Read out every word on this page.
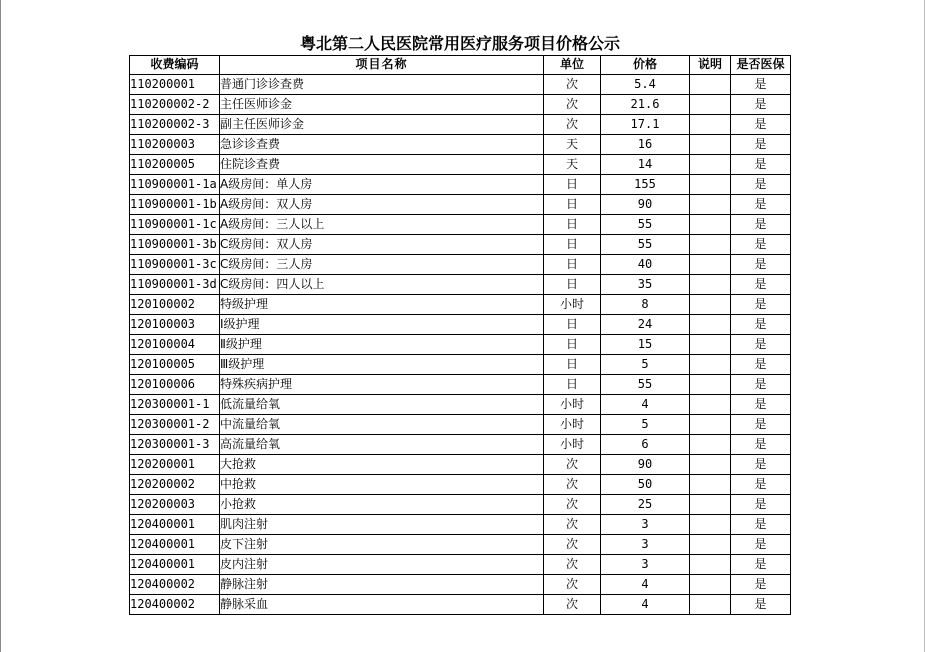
粤北第二人民医院常用医疗服务项目价格公示
收费编码	项目名称	单位	价格	说明	是否医保
110200001	普通门诊诊查费	次	5.4		是
110200002-2	主任医师诊金	次	21.6		是
110200002-3	副主任医师诊金	次	17.1		是
110200003	急诊诊查费	天	16		是
110200005	住院诊查费	天	14		是
110900001-1a	A级房间：单人房	日	155		是
110900001-1b	A级房间：双人房	日	90		是
110900001-1c	A级房间：三人以上	日	55		是
110900001-3b	C级房间：双人房	日	55		是
110900001-3c	C级房间：三人房	日	40		是
110900001-3d	C级房间：四人以上	日	35		是
120100002	特级护理	小时	8		是
120100003	Ⅰ级护理	日	24		是
120100004	Ⅱ级护理	日	15		是
120100005	Ⅲ级护理	日	5		是
120100006	特殊疾病护理	日	55		是
120300001-1	低流量给氧	小时	4		是
120300001-2	中流量给氧	小时	5		是
120300001-3	高流量给氧	小时	6		是
120200001	大抢救	次	90		是
120200002	中抢救	次	50		是
120200003	小抢救	次	25		是
120400001	肌肉注射	次	3		是
120400001	皮下注射	次	3		是
120400001	皮内注射	次	3		是
120400002	静脉注射	次	4		是
120400002	静脉采血	次	4		是
